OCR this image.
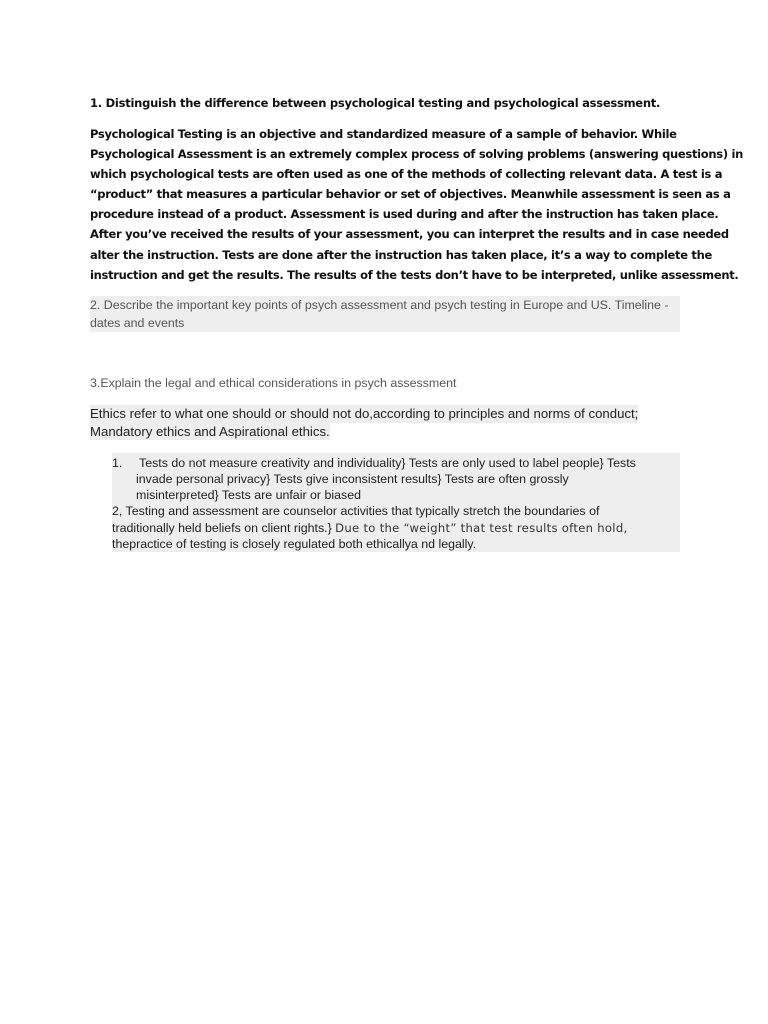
1. Distinguish the difference between psychological testing and psychological assessment.
Psychological Testing is an objective and standardized measure of a sample of behavior. While
Psychological Assessment is an extremely complex process of solving problems (answering questions) in
which psychological tests are often used as one of the methods of collecting relevant data. A test is a
“product” that measures a particular behavior or set of objectives. Meanwhile assessment is seen as a
procedure instead of a product. Assessment is used during and after the instruction has taken place.
After you’ve received the results of your assessment, you can interpret the results and in case needed
alter the instruction. Tests are done after the instruction has taken place, it’s a way to complete the
instruction and get the results. The results of the tests don’t have to be interpreted, unlike assessment.
2. Describe the important key points of psych assessment and psych testing in Europe and US. Timeline -
dates and events
3.Explain the legal and ethical considerations in psych assessment
Ethics refer to what one should or should not do,according to principles and norms of conduct;
Mandatory ethics and Aspirational ethics.
1. Tests do not measure creativity and individuality} Tests are only used to label people} Tests
invade personal privacy} Tests give inconsistent results} Tests are often grossly
misinterpreted} Tests are unfair or biased
2, Testing and assessment are counselor activities that typically stretch the boundaries of
traditionally held beliefs on client rights.} Due to the “weight” that test results often hold,
thepractice of testing is closely regulated both ethicallya nd legally.
